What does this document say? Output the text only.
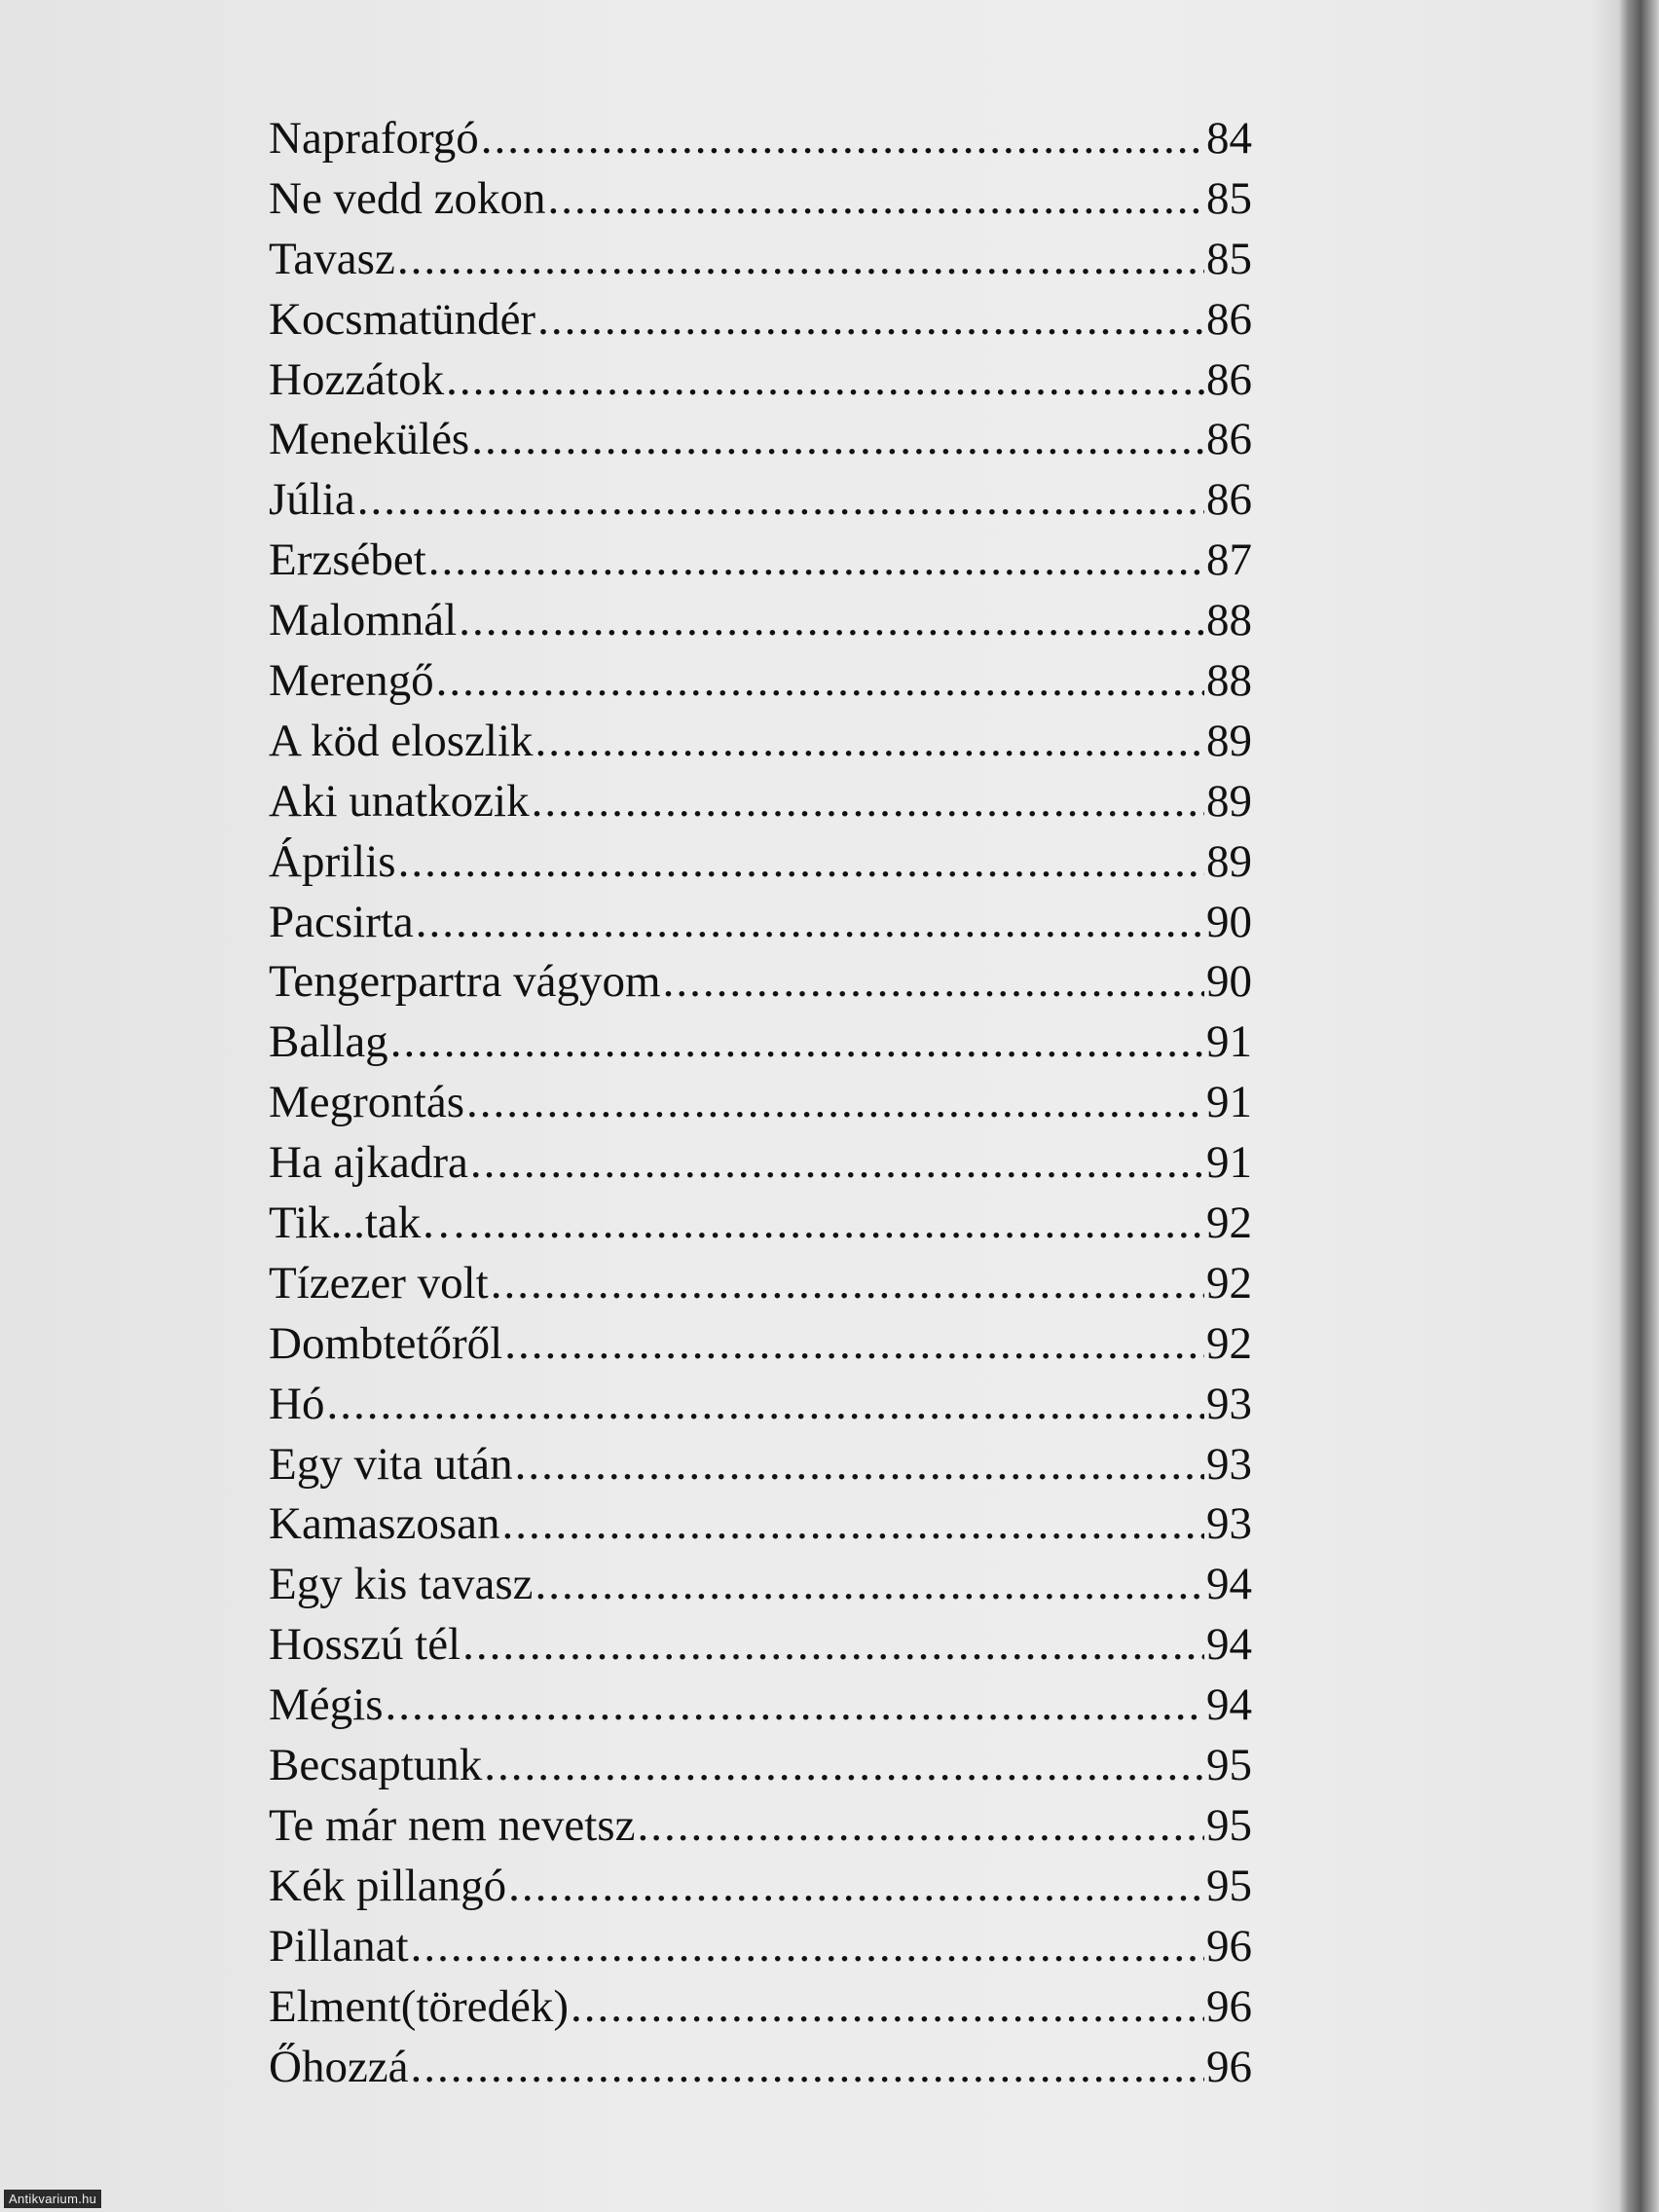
Napraforgó .....	84
Ne vedd zokon .....	85
Tavasz .....	85
Kocsmatündér .....	86
Hozzátok .....	86
Menekülés .....	86
Júlia .....	86
Erzsébet .....	87
Malomnál .....	88
Merengő .....	88
A köd eloszlik .....	89
Aki unatkozik .....	89
Április .....	89
Pacsirta .....	90
Tengerpartra vágyom .....	90
Ballag .....	91
Megrontás .....	91
Ha ajkadra .....	91
Tik...tak… .....	92
Tízezer volt .....	92
Dombtetőről .....	92
Hó .....	93
Egy vita után .....	93
Kamaszosan .....	93
Egy kis tavasz .....	94
Hosszú tél .....	94
Mégis .....	94
Becsaptunk .....	95
Te már nem nevetsz .....	95
Kék pillangó .....	95
Pillanat .....	96
Elment(töredék) .....	96
Őhozzá .....	96
Antikvarium.hu
